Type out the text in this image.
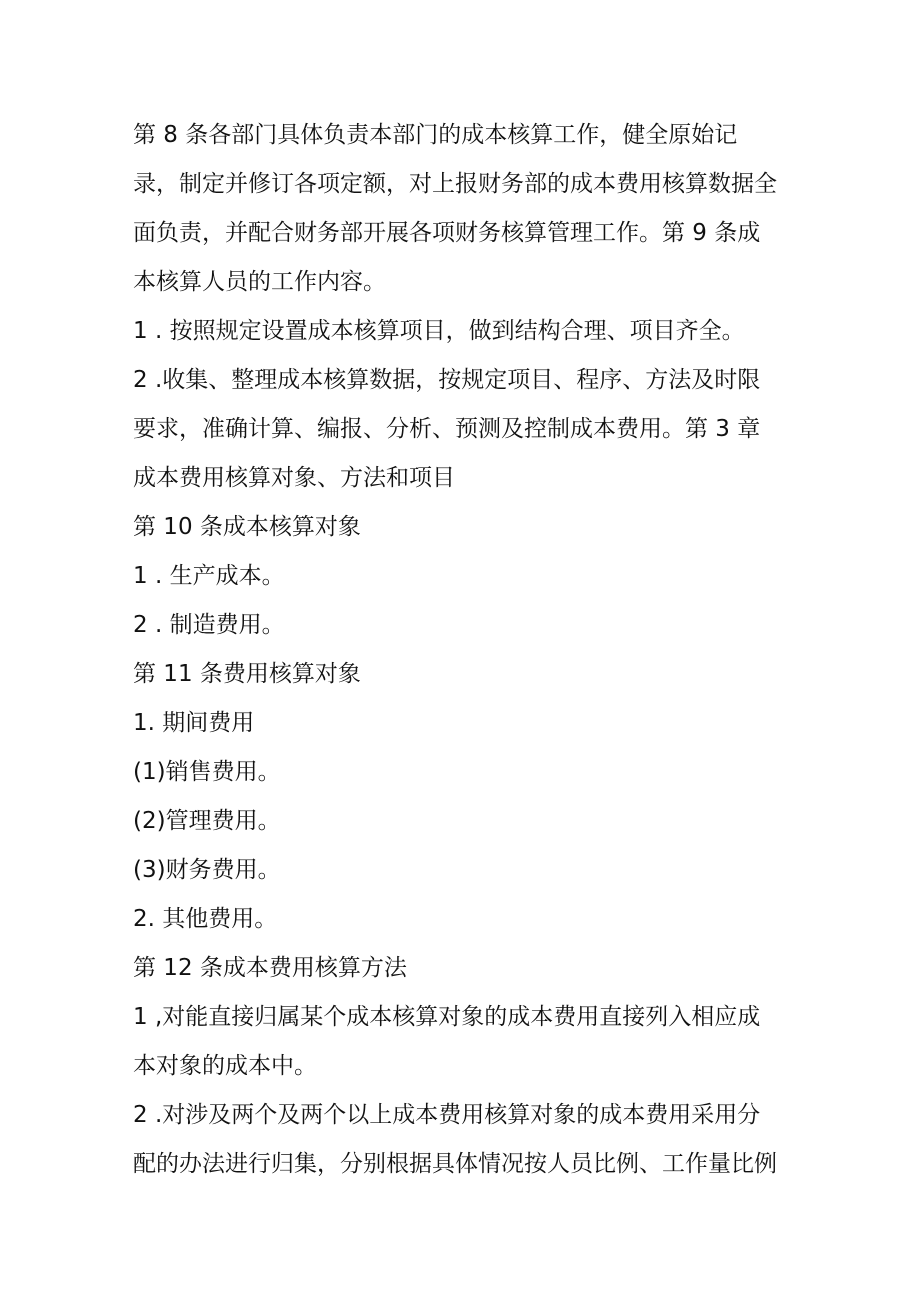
第 8 条各部门具体负责本部门的成本核算工作，健全原始记
录，制定并修订各项定额，对上报财务部的成本费用核算数据全
面负责，并配合财务部开展各项财务核算管理工作。第 9 条成
本核算人员的工作内容。
1 . 按照规定设置成本核算项目，做到结构合理、项目齐全。
2 .收集、整理成本核算数据，按规定项目、程序、方法及时限
要求，准确计算、编报、分析、预测及控制成本费用。第 3 章
成本费用核算对象、方法和项目
第 10 条成本核算对象
1 . 生产成本。
2 . 制造费用。
第 11 条费用核算对象
1. 期间费用
(1)销售费用。
(2)管理费用。
(3)财务费用。
2. 其他费用。
第 12 条成本费用核算方法
1 ,对能直接归属某个成本核算对象的成本费用直接列入相应成
本对象的成本中。
2 .对涉及两个及两个以上成本费用核算对象的成本费用采用分
配的办法进行归集，分别根据具体情况按人员比例、工作量比例
